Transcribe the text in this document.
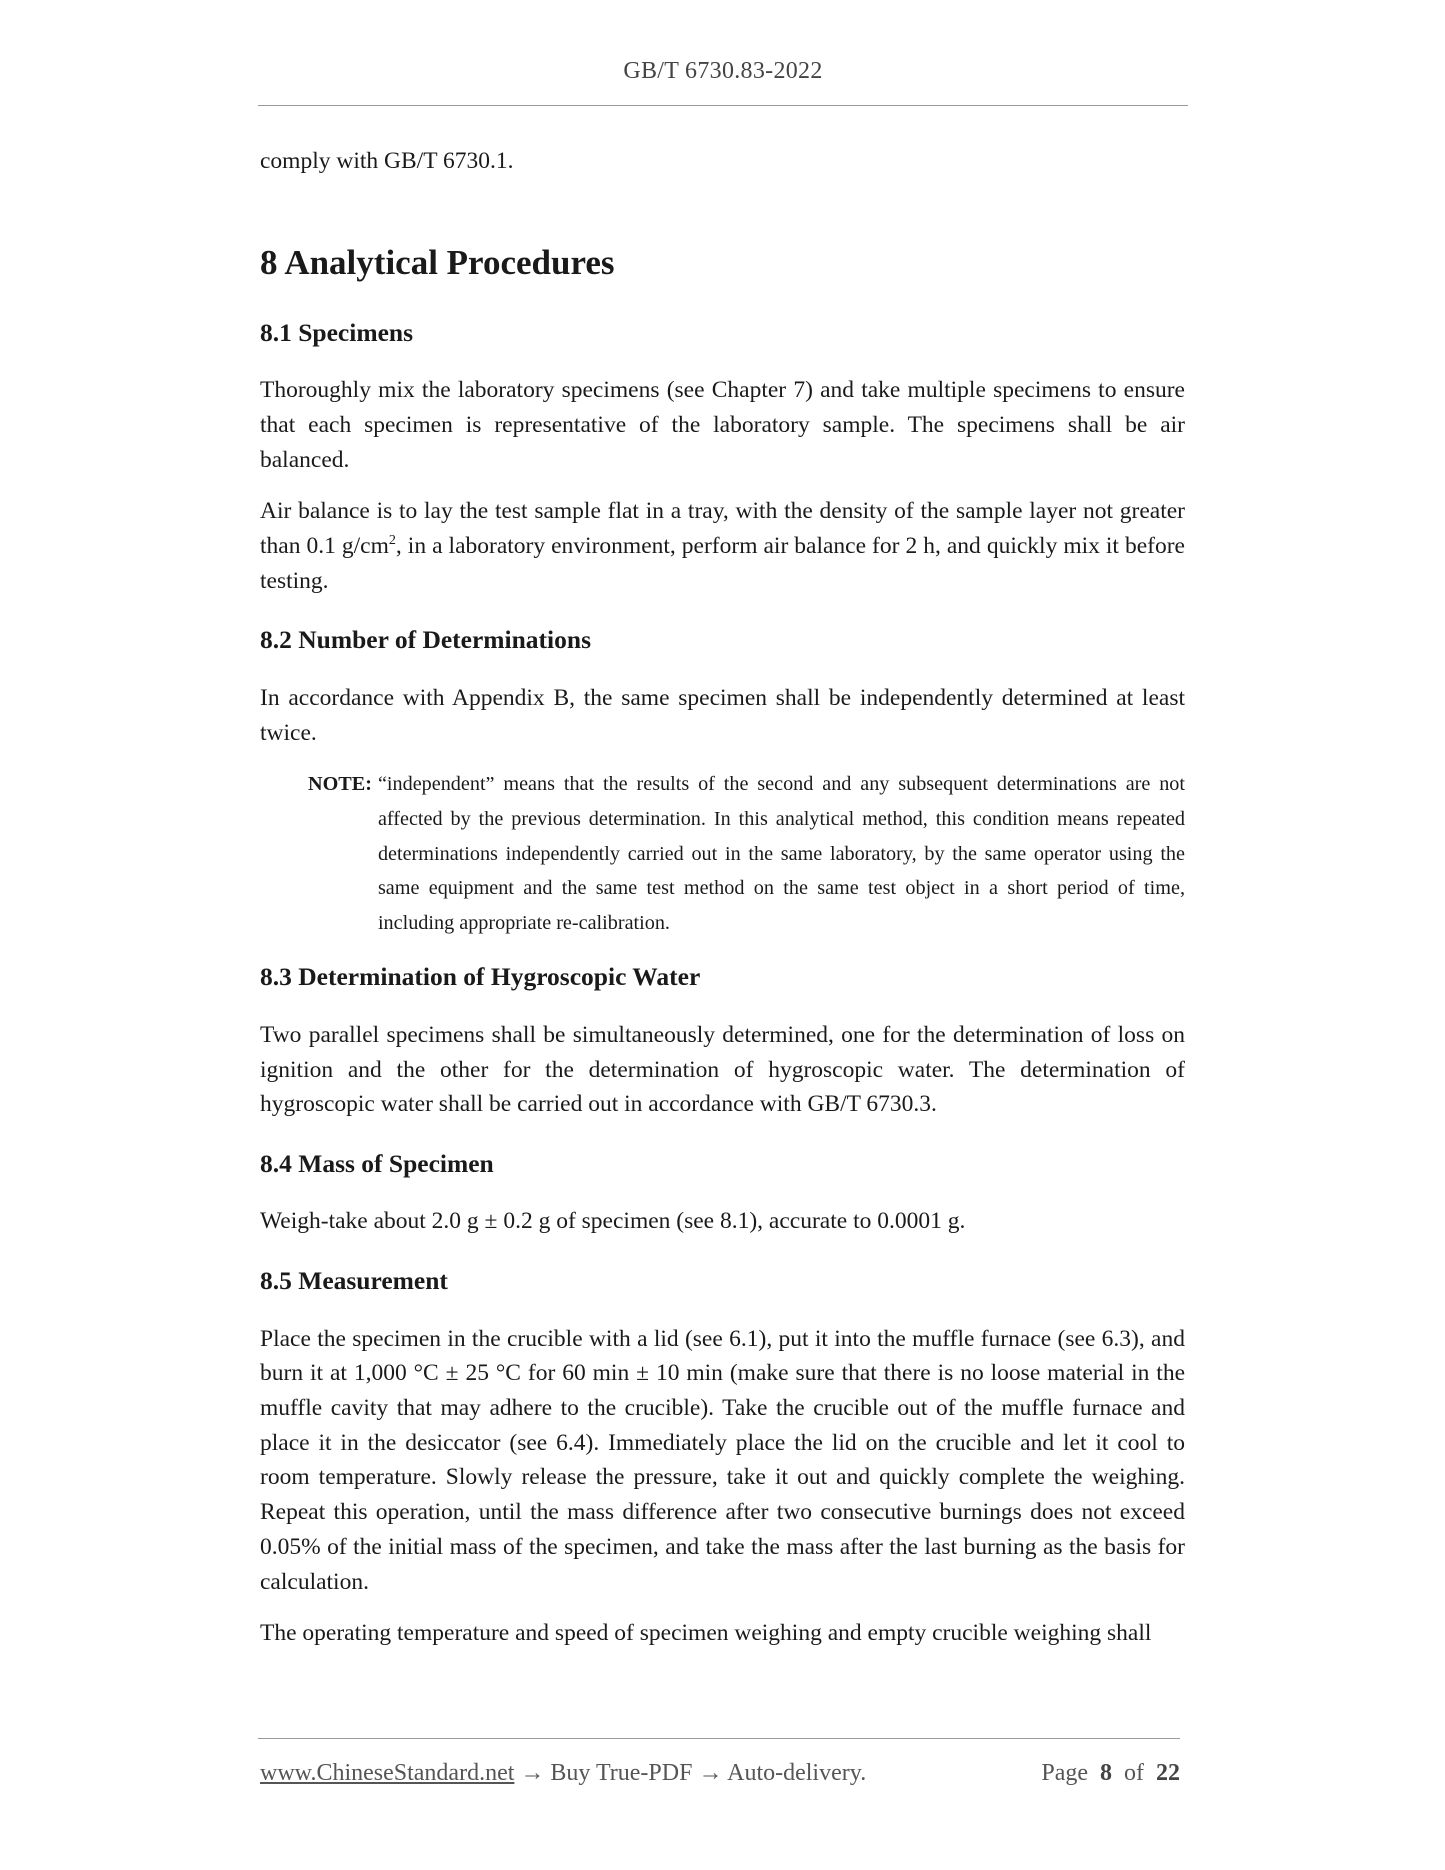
GB/T 6730.83-2022

comply with GB/T 6730.1.

8 Analytical Procedures
8.1 Specimens

Thoroughly mix the laboratory specimens (see Chapter 7) and take multiple specimens to ensure that each specimen is representative of the laboratory sample. The specimens shall be air balanced.

Air balance is to lay the test sample flat in a tray, with the density of the sample layer not greater than 0.1 $g/cm^2$, in a laboratory environment, perform air balance for 2 h, and quickly mix it before testing.

8.2 Number of Determinations

In accordance with Appendix B, the same specimen shall be independently determined at least twice.

NOTE: “independent” means that the results of the second and any subsequent determinations are not affected by the previous determination. In this analytical method, this condition means repeated determinations independently carried out in the same laboratory, by the same operator using the same equipment and the same test method on the same test object in a short period of time, including appropriate re-calibration.
8.3 Determination of Hygroscopic Water

Two parallel specimens shall be simultaneously determined, one for the determination of loss on ignition and the other for the determination of hygroscopic water. The determination of hygroscopic water shall be carried out in accordance with GB/T 6730.3.

8.4 Mass of Specimen

Weigh-take about 2.0 g ± 0.2 g of specimen (see 8.1), accurate to 0.0001 g.

8.5 Measurement

Place the specimen in the crucible with a lid (see 6.1), put it into the muffle furnace (see 6.3), and burn it at 1,000 °C ± 25 °C for 60 min ± 10 min (make sure that there is no loose material in the muffle cavity that may adhere to the crucible). Take the crucible out of the muffle furnace and place it in the desiccator (see 6.4). Immediately place the lid on the crucible and let it cool to room temperature. Slowly release the pressure, take it out and quickly complete the weighing. Repeat this operation, until the mass difference after two consecutive burnings does not exceed 0.05% of the initial mass of the specimen, and take the mass after the last burning as the basis for calculation.

The operating temperature and speed of specimen weighing and empty crucible weighing shall

www.ChineseStandard.net → Buy True-PDF → Auto-delivery.	Page 8 of 22
